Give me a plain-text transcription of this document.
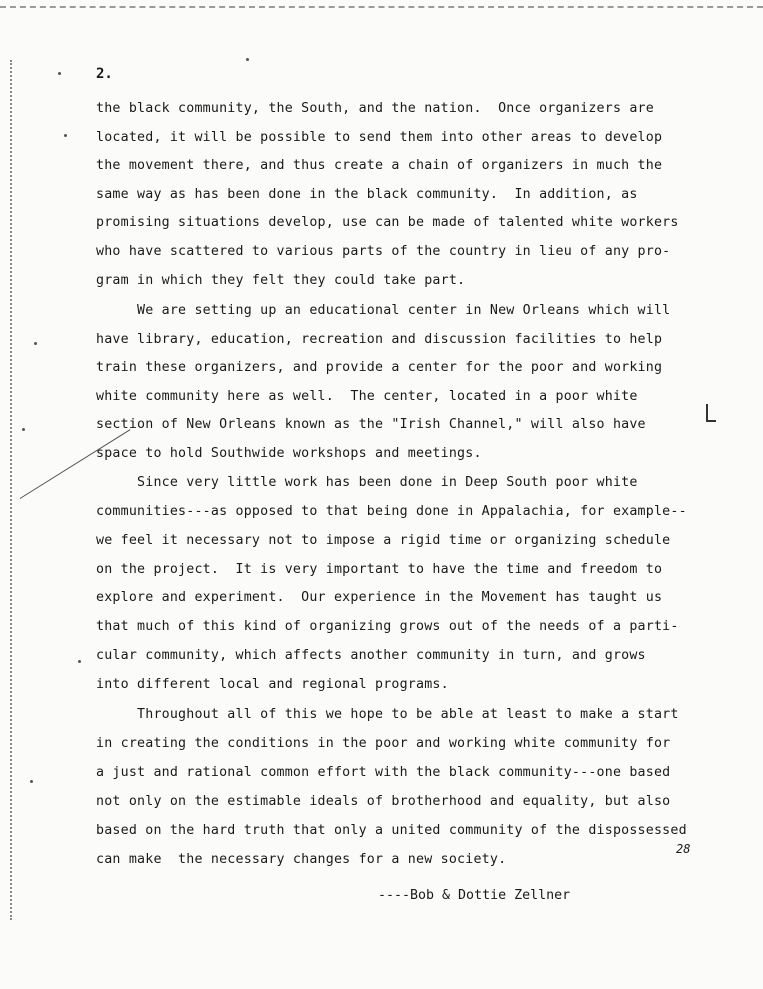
2.
the black community, the South, and the nation.  Once organizers are
located, it will be possible to send them into other areas to develop
the movement there, and thus create a chain of organizers in much the
same way as has been done in the black community.  In addition, as
promising situations develop, use can be made of talented white workers
who have scattered to various parts of the country in lieu of any pro-
gram in which they felt they could take part.
We are setting up an educational center in New Orleans which will
have library, education, recreation and discussion facilities to help
train these organizers, and provide a center for the poor and working
white community here as well.  The center, located in a poor white
section of New Orleans known as the "Irish Channel," will also have
space to hold Southwide workshops and meetings.
Since very little work has been done in Deep South poor white
communities---as opposed to that being done in Appalachia, for example--
we feel it necessary not to impose a rigid time or organizing schedule
on the project.  It is very important to have the time and freedom to
explore and experiment.  Our experience in the Movement has taught us
that much of this kind of organizing grows out of the needs of a parti-
cular community, which affects another community in turn, and grows
into different local and regional programs.
Throughout all of this we hope to be able at least to make a start
in creating the conditions in the poor and working white community for
a just and rational common effort with the black community---one based
not only on the estimable ideals of brotherhood and equality, but also
based on the hard truth that only a united community of the dispossessed
can make  the necessary changes for a new society.
----Bob & Dottie Zellner
28
